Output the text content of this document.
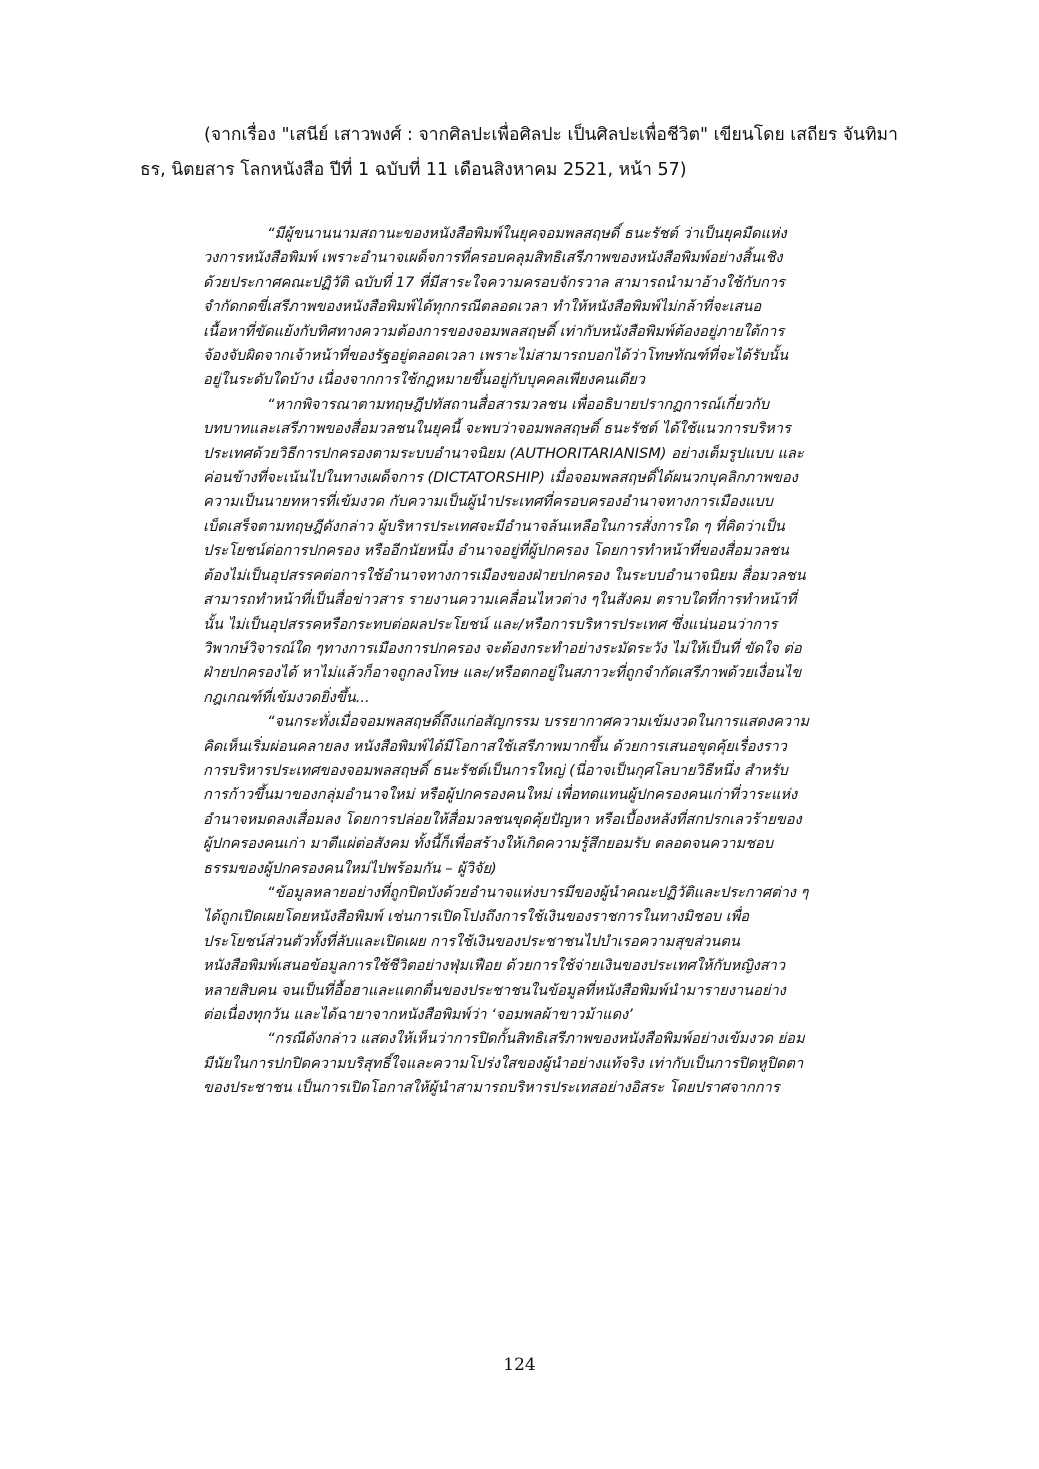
(จากเรื่อง "เสนีย์ เสาวพงศ์ : จากศิลปะเพื่อศิลปะ เป็นศิลปะเพื่อชีวิต" เขียนโดย เสถียร จันทิมา
ธร, นิตยสาร โลกหนังสือ ปีที่ 1 ฉบับที่ 11 เดือนสิงหาคม 2521, หน้า 57)
“มีผู้ขนานนามสถานะของหนังสือพิมพ์ในยุคจอมพลสฤษดิ์ ธนะรัชต์ ว่าเป็นยุคมืดแห่ง
วงการหนังสือพิมพ์ เพราะอำนาจเผด็จการที่ครอบคลุมสิทธิเสรีภาพของหนังสือพิมพ์อย่างสิ้นเชิง
ด้วยประกาศคณะปฏิวัติ ฉบับที่ 17 ที่มีสาระใจความครอบจักรวาล สามารถนำมาอ้างใช้กับการ
จำกัดกดขี่เสรีภาพของหนังสือพิมพ์ได้ทุกกรณีตลอดเวลา ทำให้หนังสือพิมพ์ไม่กล้าที่จะเสนอ
เนื้อหาที่ขัดแย้งกับทิศทางความต้องการของจอมพลสฤษดิ์ เท่ากับหนังสือพิมพ์ต้องอยู่ภายใต้การ
จ้องจับผิดจากเจ้าหน้าที่ของรัฐอยู่ตลอดเวลา เพราะไม่สามารถบอกได้ว่าโทษทัณฑ์ที่จะได้รับนั้น
อยู่ในระดับใดบ้าง เนื่องจากการใช้กฎหมายขึ้นอยู่กับบุคคลเพียงคนเดียว
“หากพิจารณาตามทฤษฎีปทัสถานสื่อสารมวลชน เพื่ออธิบายปรากฏการณ์เกี่ยวกับ
บทบาทและเสรีภาพของสื่อมวลชนในยุคนี้ จะพบว่าจอมพลสฤษดิ์ ธนะรัชต์ ได้ใช้แนวการบริหาร
ประเทศด้วยวิธีการปกครองตามระบบอำนาจนิยม (AUTHORITARIANISM) อย่างเต็มรูปแบบ และ
ค่อนข้างที่จะเน้นไปในทางเผด็จการ (DICTATORSHIP) เมื่อจอมพลสฤษดิ์ได้ผนวกบุคลิกภาพของ
ความเป็นนายทหารที่เข้มงวด กับความเป็นผู้นำประเทศที่ครอบครองอำนาจทางการเมืองแบบ
เบ็ดเสร็จตามทฤษฎีดังกล่าว ผู้บริหารประเทศจะมีอำนาจล้นเหลือในการสั่งการใด ๆ ที่คิดว่าเป็น
ประโยชน์ต่อการปกครอง หรืออีกนัยหนึ่ง อำนาจอยู่ที่ผู้ปกครอง โดยการทำหน้าที่ของสื่อมวลชน
ต้องไม่เป็นอุปสรรคต่อการใช้อำนาจทางการเมืองของฝ่ายปกครอง ในระบบอำนาจนิยม สื่อมวลชน
สามารถทำหน้าที่เป็นสื่อข่าวสาร รายงานความเคลื่อนไหวต่าง ๆในสังคม ตราบใดที่การทำหน้าที่
นั้น ไม่เป็นอุปสรรคหรือกระทบต่อผลประโยชน์ และ/หรือการบริหารประเทศ ซึ่งแน่นอนว่าการ
วิพากษ์วิจารณ์ใด ๆทางการเมืองการปกครอง จะต้องกระทำอย่างระมัดระวัง ไม่ให้เป็นที่ ขัดใจ ต่อ
ฝ่ายปกครองได้ หาไม่แล้วก็อาจถูกลงโทษ และ/หรือตกอยู่ในสภาวะที่ถูกจำกัดเสรีภาพด้วยเงื่อนไข
กฎเกณฑ์ที่เข้มงวดยิ่งขึ้น...
“จนกระทั่งเมื่อจอมพลสฤษดิ์ถึงแก่อสัญกรรม บรรยากาศความเข้มงวดในการแสดงความ
คิดเห็นเริ่มผ่อนคลายลง หนังสือพิมพ์ได้มีโอกาสใช้เสรีภาพมากขึ้น ด้วยการเสนอขุดคุ้ยเรื่องราว
การบริหารประเทศของจอมพลสฤษดิ์ ธนะรัชต์เป็นการใหญ่ (นี่อาจเป็นกุศโลบายวิธีหนึ่ง สำหรับ
การก้าวขึ้นมาของกลุ่มอำนาจใหม่ หรือผู้ปกครองคนใหม่ เพื่อทดแทนผู้ปกครองคนเก่าที่วาระแห่ง
อำนาจหมดลงเสื่อมลง โดยการปล่อยให้สื่อมวลชนขุดคุ้ยปัญหา หรือเบื้องหลังที่สกปรกเลวร้ายของ
ผู้ปกครองคนเก่า มาตีแผ่ต่อสังคม ทั้งนี้ก็เพื่อสร้างให้เกิดความรู้สึกยอมรับ ตลอดจนความชอบ
ธรรมของผู้ปกครองคนใหม่ไปพร้อมกัน – ผู้วิจัย)
“ข้อมูลหลายอย่างที่ถูกปิดบังด้วยอำนาจแห่งบารมีของผู้นำคณะปฏิวัติและประกาศต่าง ๆ
ได้ถูกเปิดเผยโดยหนังสือพิมพ์ เช่นการเปิดโปงถึงการใช้เงินของราชการในทางมิชอบ เพื่อ
ประโยชน์ส่วนตัวทั้งที่ลับและเปิดเผย การใช้เงินของประชาชนไปบำเรอความสุขส่วนตน
หนังสือพิมพ์เสนอข้อมูลการใช้ชีวิตอย่างฟุ่มเฟือย ด้วยการใช้จ่ายเงินของประเทศให้กับหญิงสาว
หลายสิบคน จนเป็นที่อื้อฮาและแตกตื่นของประชาชนในข้อมูลที่หนังสือพิมพ์นำมารายงานอย่าง
ต่อเนื่องทุกวัน และได้ฉายาจากหนังสือพิมพ์ว่า ‘จอมพลผ้าขาวม้าแดง’
“กรณีดังกล่าว แสดงให้เห็นว่าการปิดกั้นสิทธิเสรีภาพของหนังสือพิมพ์อย่างเข้มงวด ย่อม
มีนัยในการปกปิดความบริสุทธิ์ใจและความโปร่งใสของผู้นำอย่างแท้จริง เท่ากับเป็นการปิดหูปิดตา
ของประชาชน เป็นการเปิดโอกาสให้ผู้นำสามารถบริหารประเทสอย่างอิสระ โดยปราศจากการ
124
